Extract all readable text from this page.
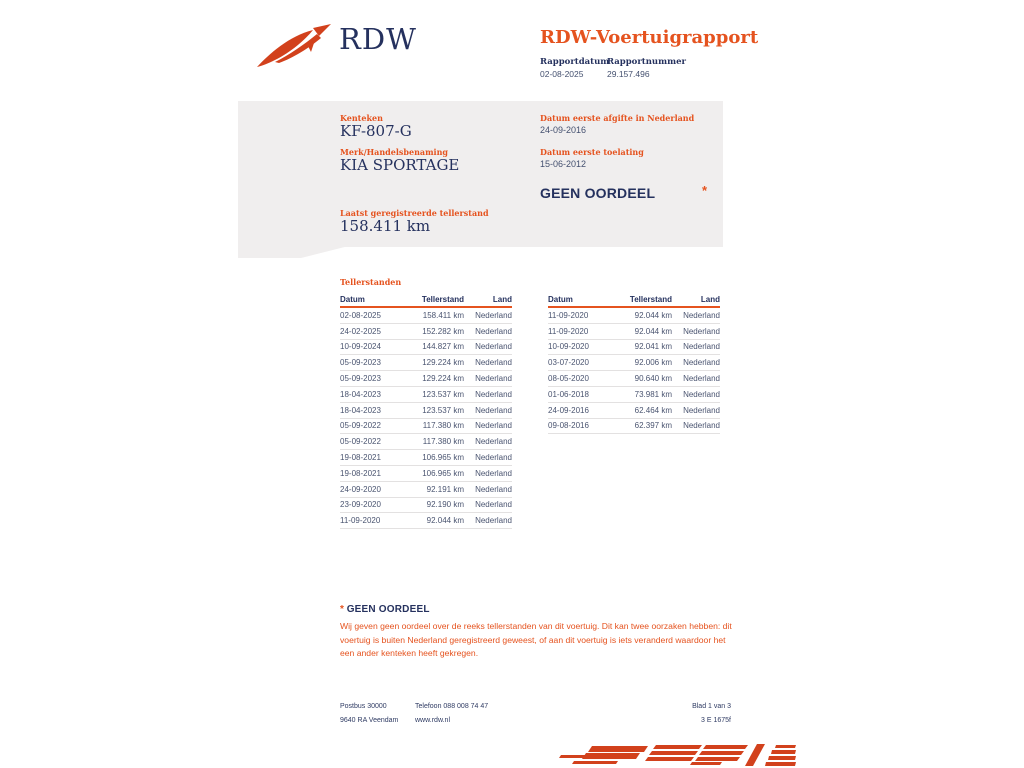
RDW	RDW-Voertuigrapport
Rapportdatum
02-08-2025
Rapportnummer
29.157.496
Kenteken
KF-807-G
Merk/Handelsbenaming
KIA SPORTAGE
Laatst geregistreerde tellerstand
158.411 km
Datum eerste afgifte in Nederland
24-09-2016
Datum eerste toelating
15-06-2012
GEEN OORDEEL	*
Tellerstanden
Datum	Tellerstand	Land
02-08-2025	158.411 km	Nederland
24-02-2025	152.282 km	Nederland
10-09-2024	144.827 km	Nederland
05-09-2023	129.224 km	Nederland
05-09-2023	129.224 km	Nederland
18-04-2023	123.537 km	Nederland
18-04-2023	123.537 km	Nederland
05-09-2022	117.380 km	Nederland
05-09-2022	117.380 km	Nederland
19-08-2021	106.965 km	Nederland
19-08-2021	106.965 km	Nederland
24-09-2020	92.191 km	Nederland
23-09-2020	92.190 km	Nederland
11-09-2020	92.044 km	Nederland
Datum	Tellerstand	Land
11-09-2020	92.044 km	Nederland
11-09-2020	92.044 km	Nederland
10-09-2020	92.041 km	Nederland
03-07-2020	92.006 km	Nederland
08-05-2020	90.640 km	Nederland
01-06-2018	73.981 km	Nederland
24-09-2016	62.464 km	Nederland
09-08-2016	62.397 km	Nederland
* GEEN OORDEEL
Wij geven geen oordeel over de reeks tellerstanden van dit voertuig. Dit kan twee oorzaken hebben: dit voertuig is buiten Nederland geregistreerd geweest, of aan dit voertuig is iets veranderd waardoor het een ander kenteken heeft gekregen.
Postbus 30000
9640 RA Veendam
Telefoon 088 008 74 47
www.rdw.nl
Blad 1 van 3
3 E 1675f
